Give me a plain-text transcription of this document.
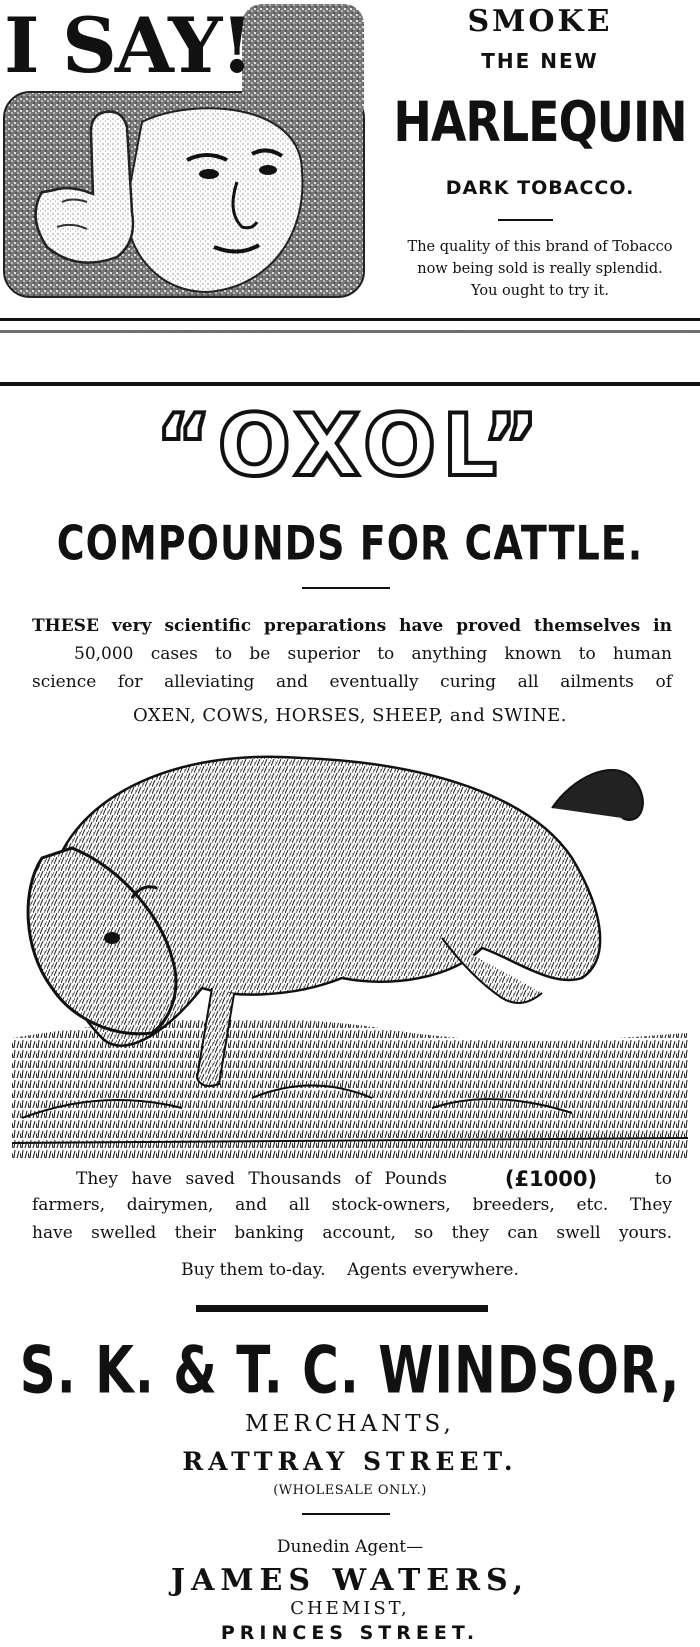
I SAY!	SMOKE
THE NEW
HARLEQUIN
DARK TOBACCO.
The quality of this brand of Tobacco
now being sold is really splendid.
You ought to try it.
“OXOL”
COMPOUNDS FOR CATTLE.
THESE very scientific preparations have proved themselves in
50,000 cases to be superior to anything known to human
science for alleviating and eventually curing all ailments of
OXEN, COWS, HORSES, SHEEP, and SWINE.
They have saved Thousands of Pounds	(£1000)	to
farmers, dairymen, and all stock-owners, breeders, etc. They
have swelled their banking account, so they can swell yours.
Buy them to-day.    Agents everywhere.
S. K. & T. C. WINDSOR,
MERCHANTS,
RATTRAY STREET.
(WHOLESALE ONLY.)
Dunedin Agent—
JAMES WATERS,
CHEMIST,
PRINCES STREET.
